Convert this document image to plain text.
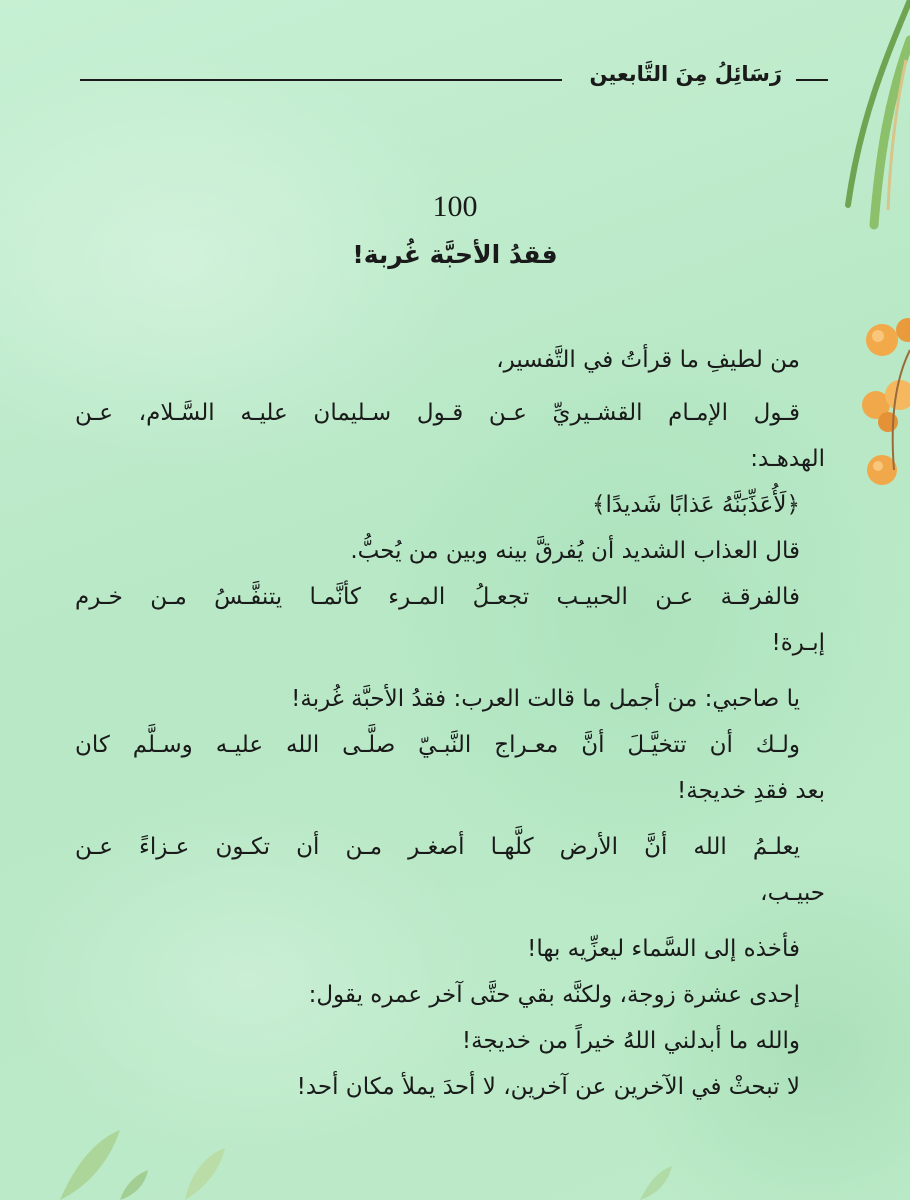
رَسَائِلُ مِنَ التَّابعين
100
فقدُ الأحبَّة غُربة!
من لطيفِ ما قرأتُ في التَّفسير،
قـول الإمـام القشـيريِّ عـن قـول سـليمان عليـه السَّـلام، عـن
الهدهـد:
﴿لَأُعَذِّبَنَّهُ عَذابًا شَديدًا﴾
قال العذاب الشديد أن يُفرقَّ بينه وبين من يُحبُّ.
فالفرقـة عـن الحبيـب تجعـلُ المـرء كأنَّمـا يتنفَّـسُ مـن خـرم
إبـرة!
يا صاحبي: من أجمل ما قالت العرب: فقدُ الأحبَّة غُربة!
ولـك أن تتخيَّـلَ أنَّ معـراج النَّبـيّ صلَّـى الله عليـه وسـلَّم كان
بعد فقدِ خديجة!
يعلـمُ الله أنَّ الأرض كلَّهـا أصغـر مـن أن تكـون عـزاءً عـن
حبيـب،
فأخذه إلى السَّماء ليعزِّيه بها!
إحدى عشرة زوجة، ولكنَّه بقي حتَّى آخر عمره يقول:
والله ما أبدلني اللهُ خيراً من خديجة!
لا تبحثْ في الآخرين عن آخرين، لا أحدَ يملأ مكان أحد!
